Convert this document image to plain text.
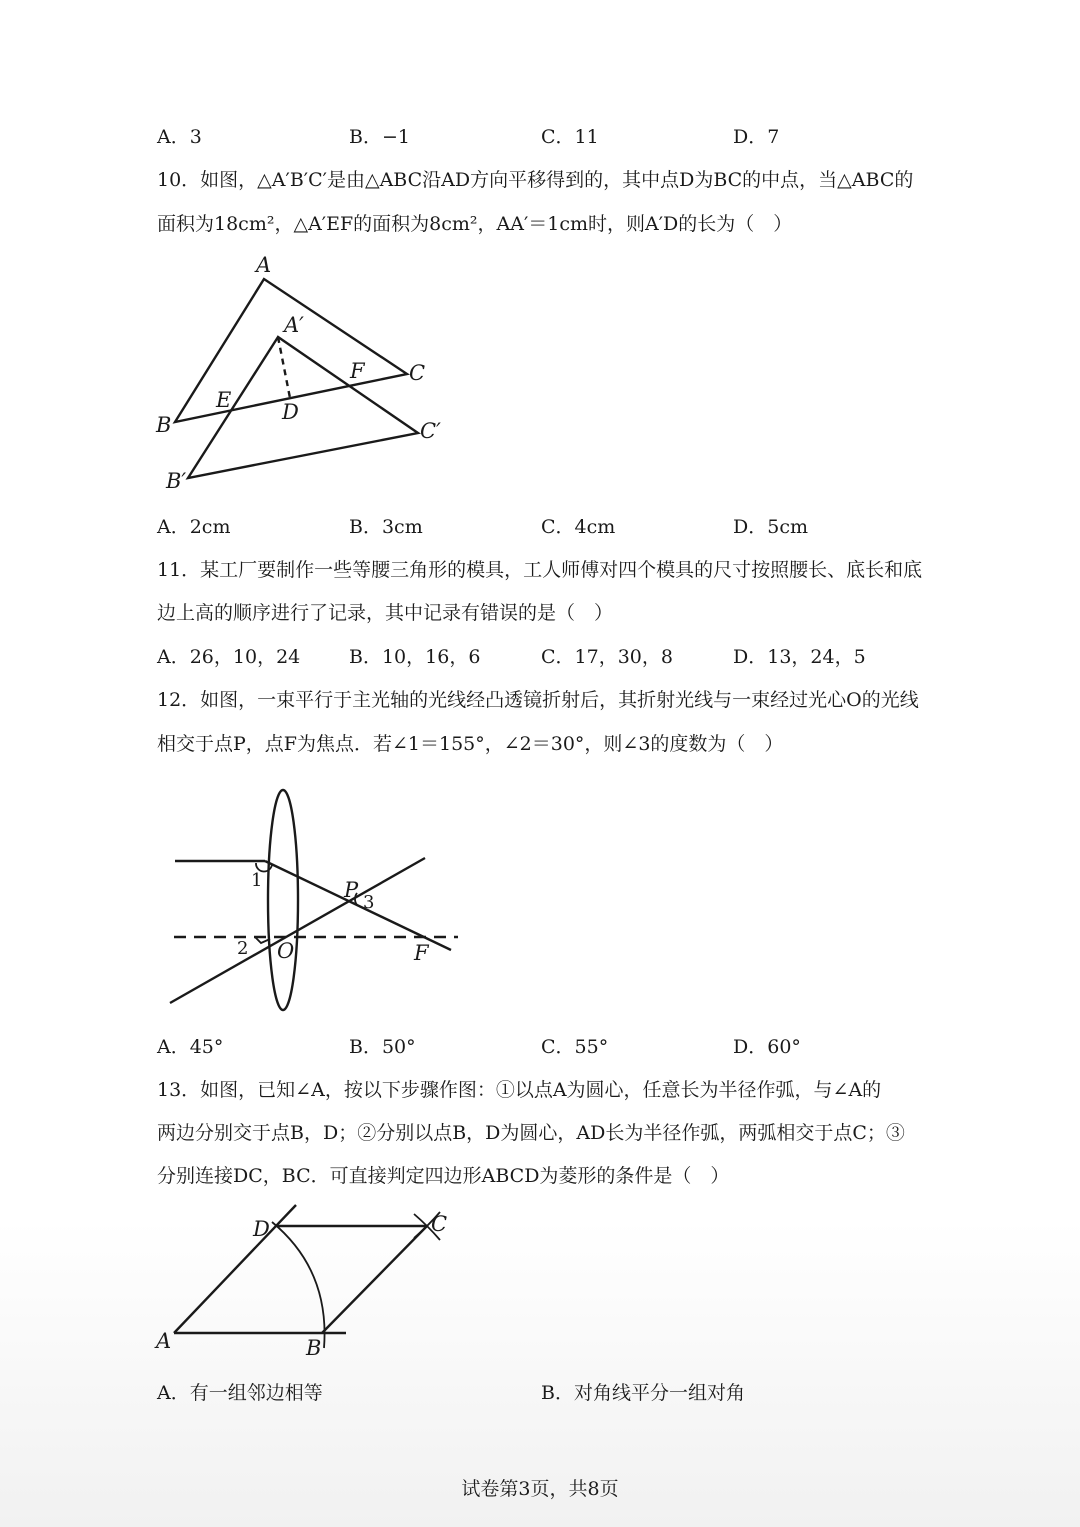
A．3	B．−1	C．11	D．7
10．如图，△A′B′C′是由△ABC沿AD方向平移得到的，其中点D为BC的中点，当△ABC的
面积为18cm²，△A′EF的面积为8cm²，AA′＝1cm时，则A′D的长为（　）
A
A′
B
B′
C
C′
D
E
F
A．2cm	B．3cm	C．4cm	D．5cm
11．某工厂要制作一些等腰三角形的模具，工人师傅对四个模具的尺寸按照腰长、底长和底
边上高的顺序进行了记录，其中记录有错误的是（　）
A．26，10，24	B．10，16，6	C．17，30，8	D．13，24，5
12．如图，一束平行于主光轴的光线经凸透镜折射后，其折射光线与一束经过光心O的光线
相交于点P，点F为焦点．若∠1＝155°，∠2＝30°，则∠3的度数为（　）
1
2
3
P
O	F
A．45°	B．50°	C．55°	D．60°
13．如图，已知∠A，按以下步骤作图：①以点A为圆心，任意长为半径作弧，与∠A的
两边分别交于点B，D；②分别以点B，D为圆心，AD长为半径作弧，两弧相交于点C；③
分别连接DC，BC．可直接判定四边形ABCD为菱形的条件是（　）
A	B
C
D
A．有一组邻边相等	B．对角线平分一组对角
试卷第3页，共8页
